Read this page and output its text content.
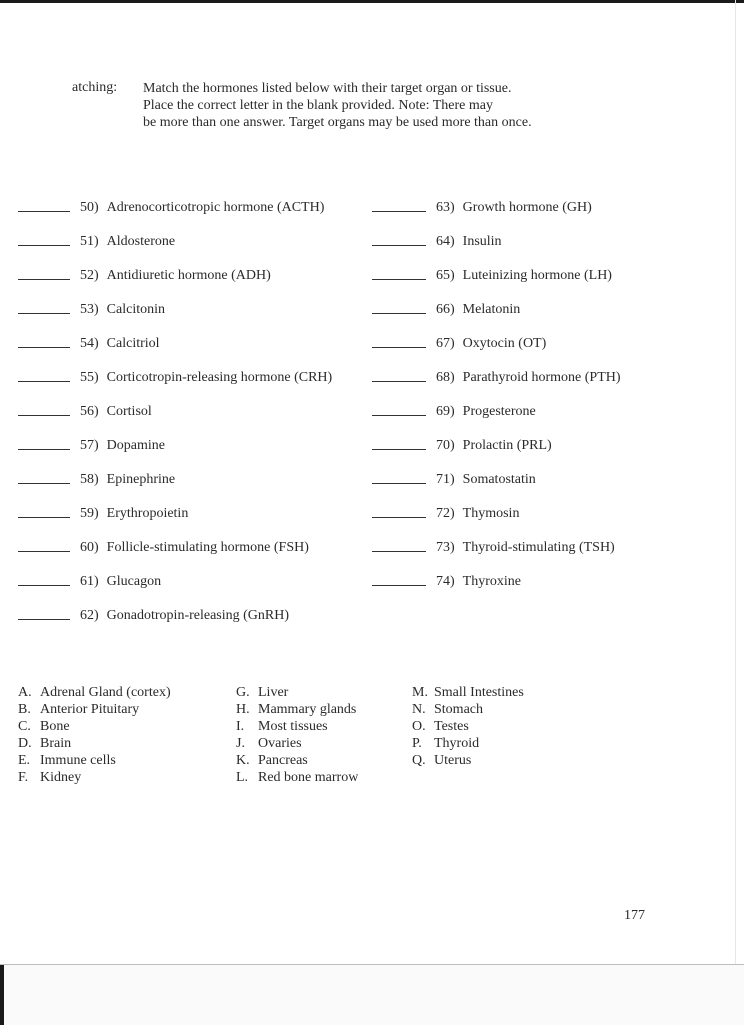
atching: Match the hormones listed below with their target organ or tissue.
Place the correct letter in the blank provided. Note: There may
be more than one answer. Target organs may be used more than once.
50) Adrenocorticotropic hormone (ACTH)
51) Aldosterone
52) Antidiuretic hormone (ADH)
53) Calcitonin
54) Calcitriol
55) Corticotropin-releasing hormone (CRH)
56) Cortisol
57) Dopamine
58) Epinephrine
59) Erythropoietin
60) Follicle-stimulating hormone (FSH)
61) Glucagon
62) Gonadotropin-releasing (GnRH)
63) Growth hormone (GH)
64) Insulin
65) Luteinizing hormone (LH)
66) Melatonin
67) Oxytocin (OT)
68) Parathyroid hormone (PTH)
69) Progesterone
70) Prolactin (PRL)
71) Somatostatin
72) Thymosin
73) Thyroid-stimulating (TSH)
74) Thyroxine
A. Adrenal Gland (cortex)
B. Anterior Pituitary
C. Bone
D. Brain
E. Immune cells
F. Kidney
G. Liver
H. Mammary glands
I. Most tissues
J. Ovaries
K. Pancreas
L. Red bone marrow
M. Small Intestines
N. Stomach
O. Testes
P. Thyroid
Q. Uterus
177
